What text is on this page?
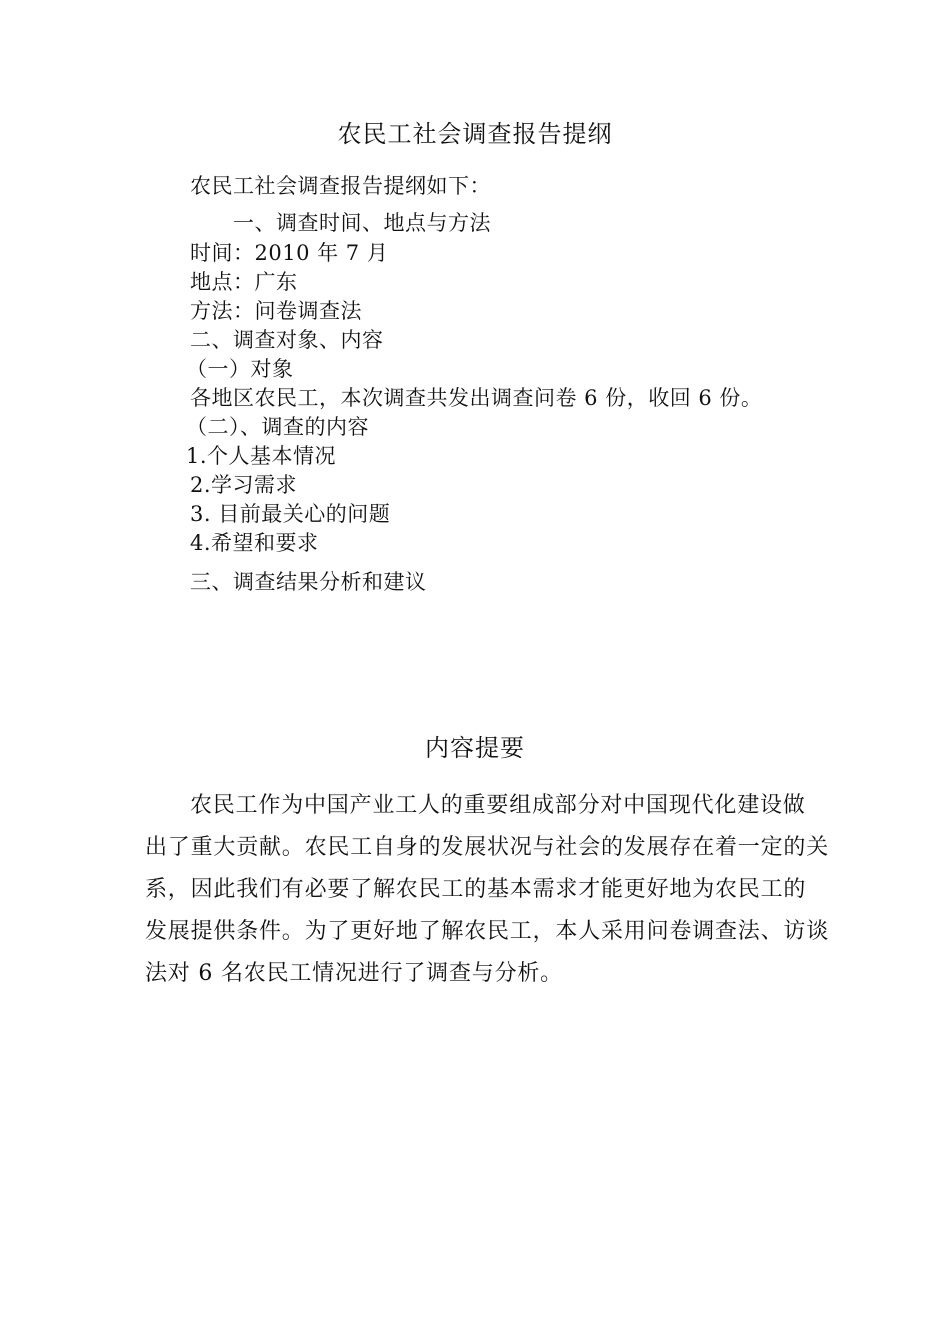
农民工社会调查报告提纲
农民工社会调查报告提纲如下：
一、调查时间、地点与方法
时间：2010 年 7 月
地点：广东
方法：问卷调查法
二、调查对象、内容
（一）对象
各地区农民工，本次调查共发出调查问卷 6 份，收回 6 份。
（二）、调查的内容
1.个人基本情况
2.学习需求
3. 目前最关心的问题
4.希望和要求
三、调查结果分析和建议
内容提要
农民工作为中国产业工人的重要组成部分对中国现代化建设做
出了重大贡献。农民工自身的发展状况与社会的发展存在着一定的关
系，因此我们有必要了解农民工的基本需求才能更好地为农民工的
发展提供条件。为了更好地了解农民工，本人采用问卷调查法、访谈
法对 6 名农民工情况进行了调查与分析。
